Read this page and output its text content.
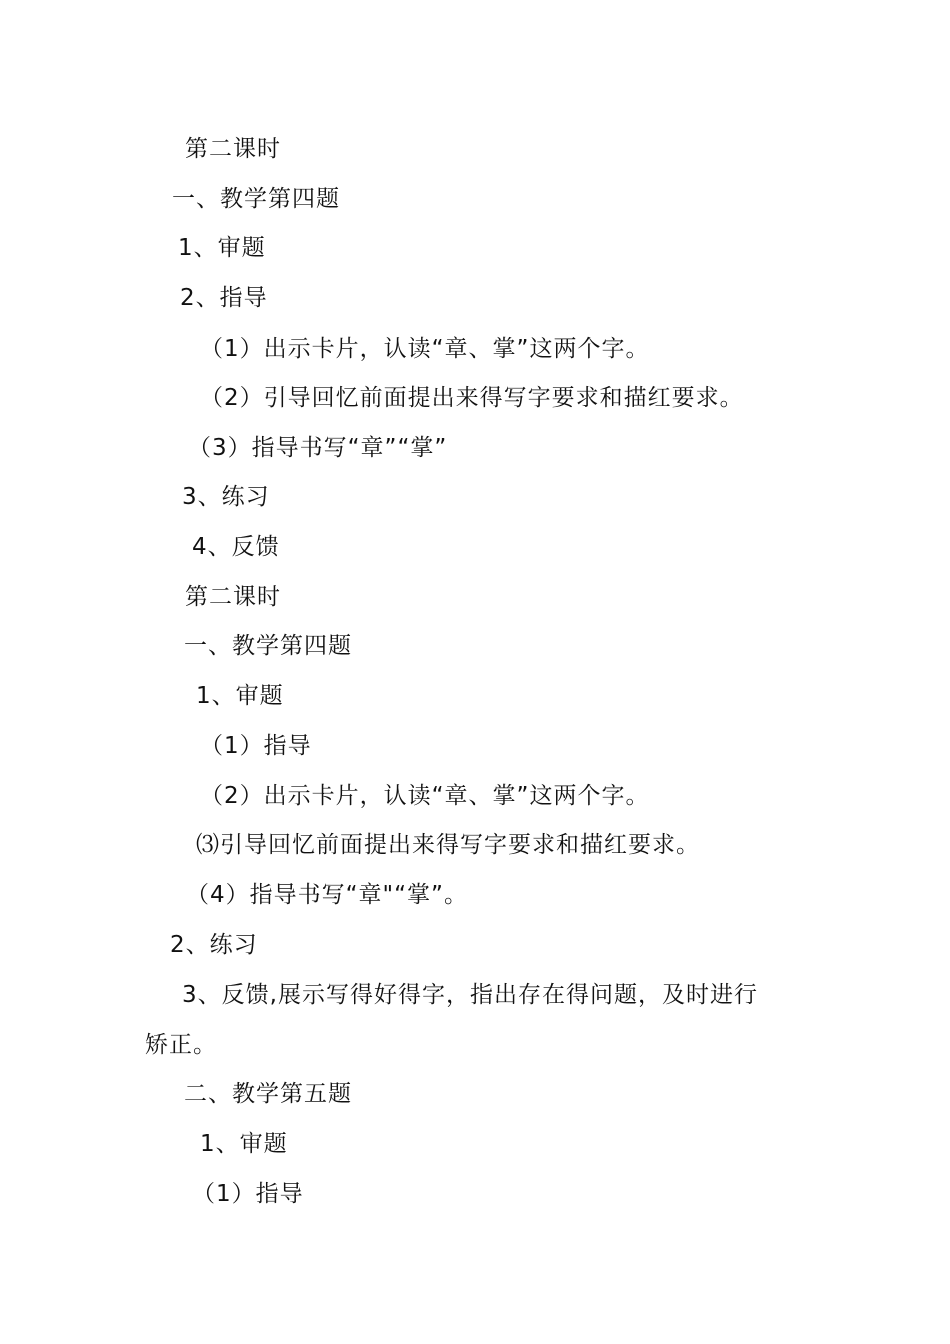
第二课时
一、教学第四题
1、审题
2、指导
（1）出示卡片，认读“章、掌”这两个字。
（2）引导回忆前面提出来得写字要求和描红要求。
（3）指导书写“章”“掌”
3、练习
4、反馈
第二课时
一、教学第四题
1、审题
（1）指导
（2）出示卡片，认读“章、掌”这两个字。
⑶引导回忆前面提出来得写字要求和描红要求。
（4）指导书写“章"“掌”。
2、练习
3、反馈,展示写得好得字，指出存在得问题，及时进行
矫正。
二、教学第五题
1、审题
（1）指导
